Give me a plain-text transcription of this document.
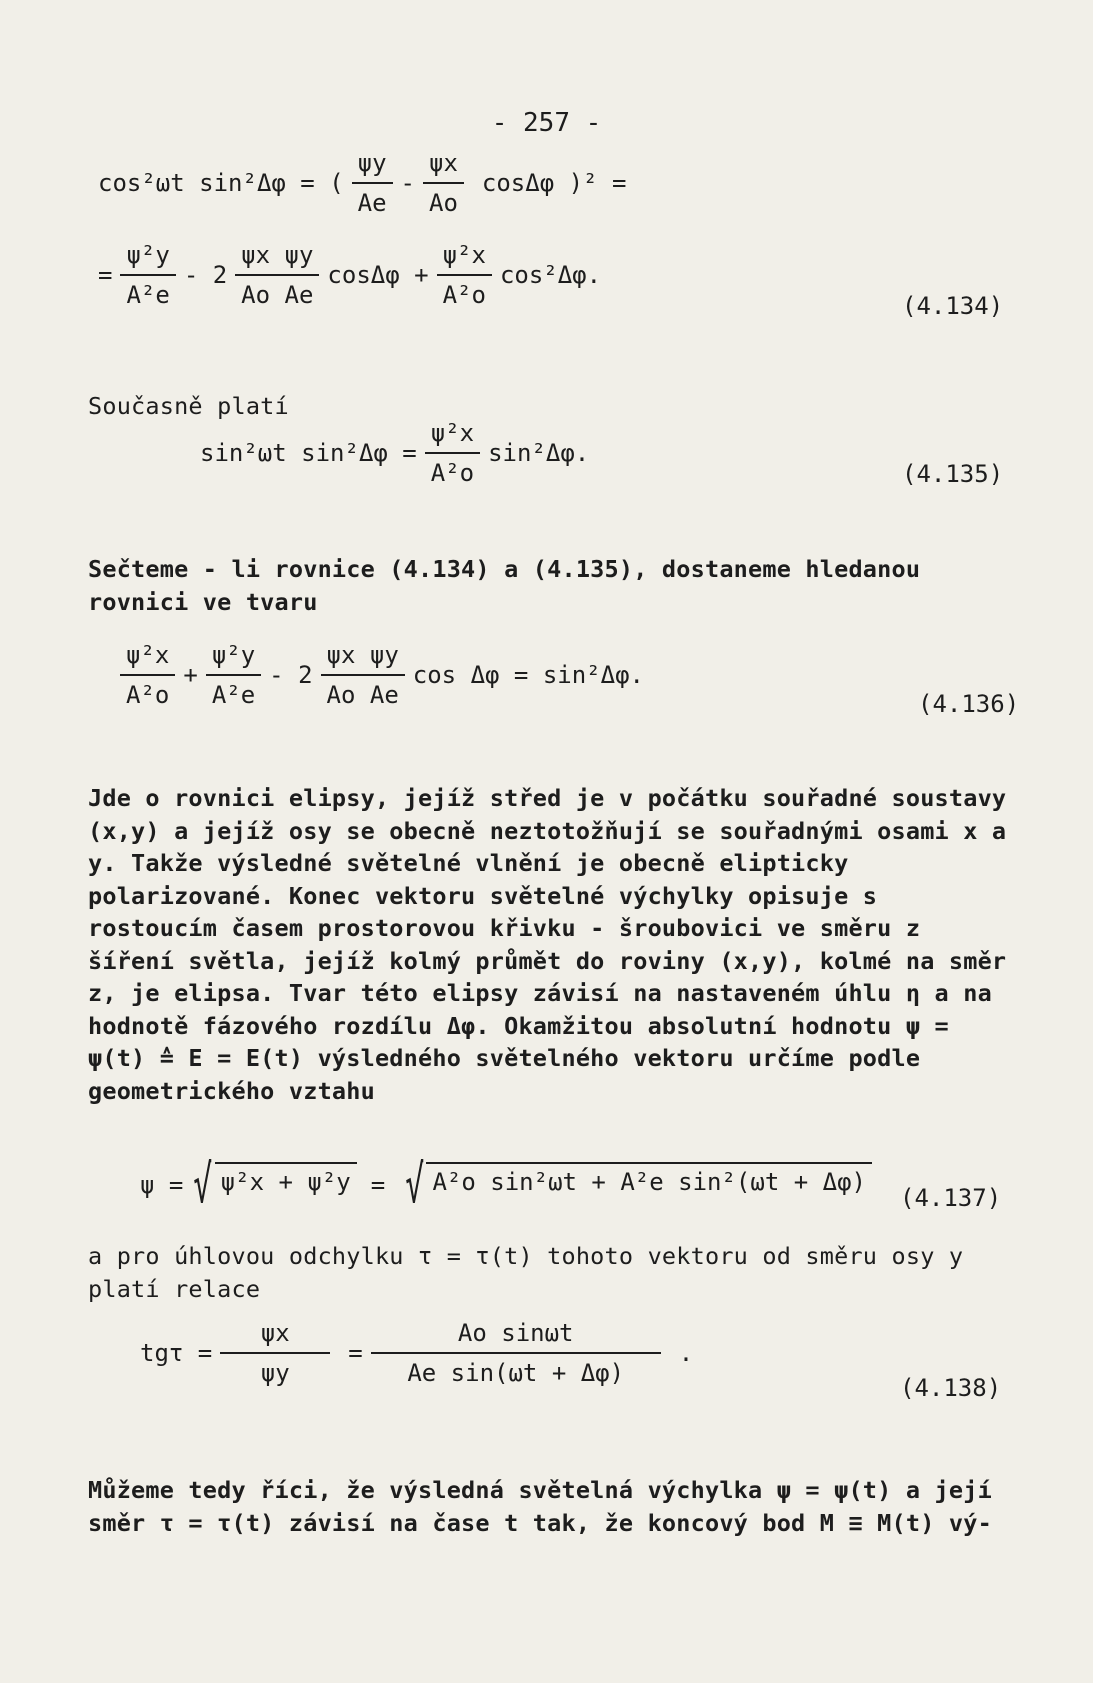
- 257 -
cos²ωt sin²Δφ = ( $\frac{\psi y}{Ae} - \frac{\psi x}{Ao}$ cosΔφ )² =
= $\frac{\text{ψ²y}}{\text{A²e}} - 2 \frac{\text{ψx ψy}}{\text{Ao Ae}}$ $\cos\Delta\varphi + \frac{\text{ψ²x}}{\text{A²o}} \cos^2\Delta\varphi$.
(4.134)
Současně platí
sin²ωt $\sin^2\Delta\varphi = \frac{\text{ψ²x}}{\text{A²o}} \sin^2\Delta\varphi$.
(4.135)
Sečteme - li rovnice (4.134) a (4.135), dostaneme hledanou rovnici ve tvaru
$\frac{\text{ψ²x}}{\text{A²o}} + \frac{\text{ψ²y}}{\text{A²e}} - 2 \frac{\text{ψx ψy}}{\text{Ao Ae}}$ cos Δφ = sin²Δφ.
(4.136)
Jde o rovnici elipsy, jejíž střed je v počátku souřadné soustavy (x,y) a jejíž osy se obecně neztotožňují se souřadnými osami x a y. Takže výsledné světelné vlnění je obecně elipticky polarizované. Konec vektoru světelné výchylky opisuje s rostoucím časem prostorovou křivku - šroubovici ve směru z šíření světla, jejíž kolmý průmět do roviny (x,y), kolmé na směr z, je elipsa. Tvar této elipsy závisí na nastaveném úhlu η a na hodnotě fázového rozdílu Δφ. Okamžitou absolutní hodnotu ψ = ψ(t) ≙ E = E(t) výsledného světelného vektoru určíme podle geometrického vztahu
ψ = √ ψ²x + ψ²y = √ A²o sin²ωt + A²e sin²(ωt + Δφ)
(4.137)
a pro úhlovou odchylku τ = τ(t) tohoto vektoru od směru osy y platí relace
$tg\tau = \frac{\psi x}{\psi y} = \frac{\text{Ao sinωt}}{\text{Ae sin(ωt + Δφ)}}$ .
(4.138)
Můžeme tedy říci, že výsledná světelná výchylka ψ = ψ(t) a její směr τ = τ(t) závisí na čase t tak, že koncový bod M ≡ M(t) vý-
